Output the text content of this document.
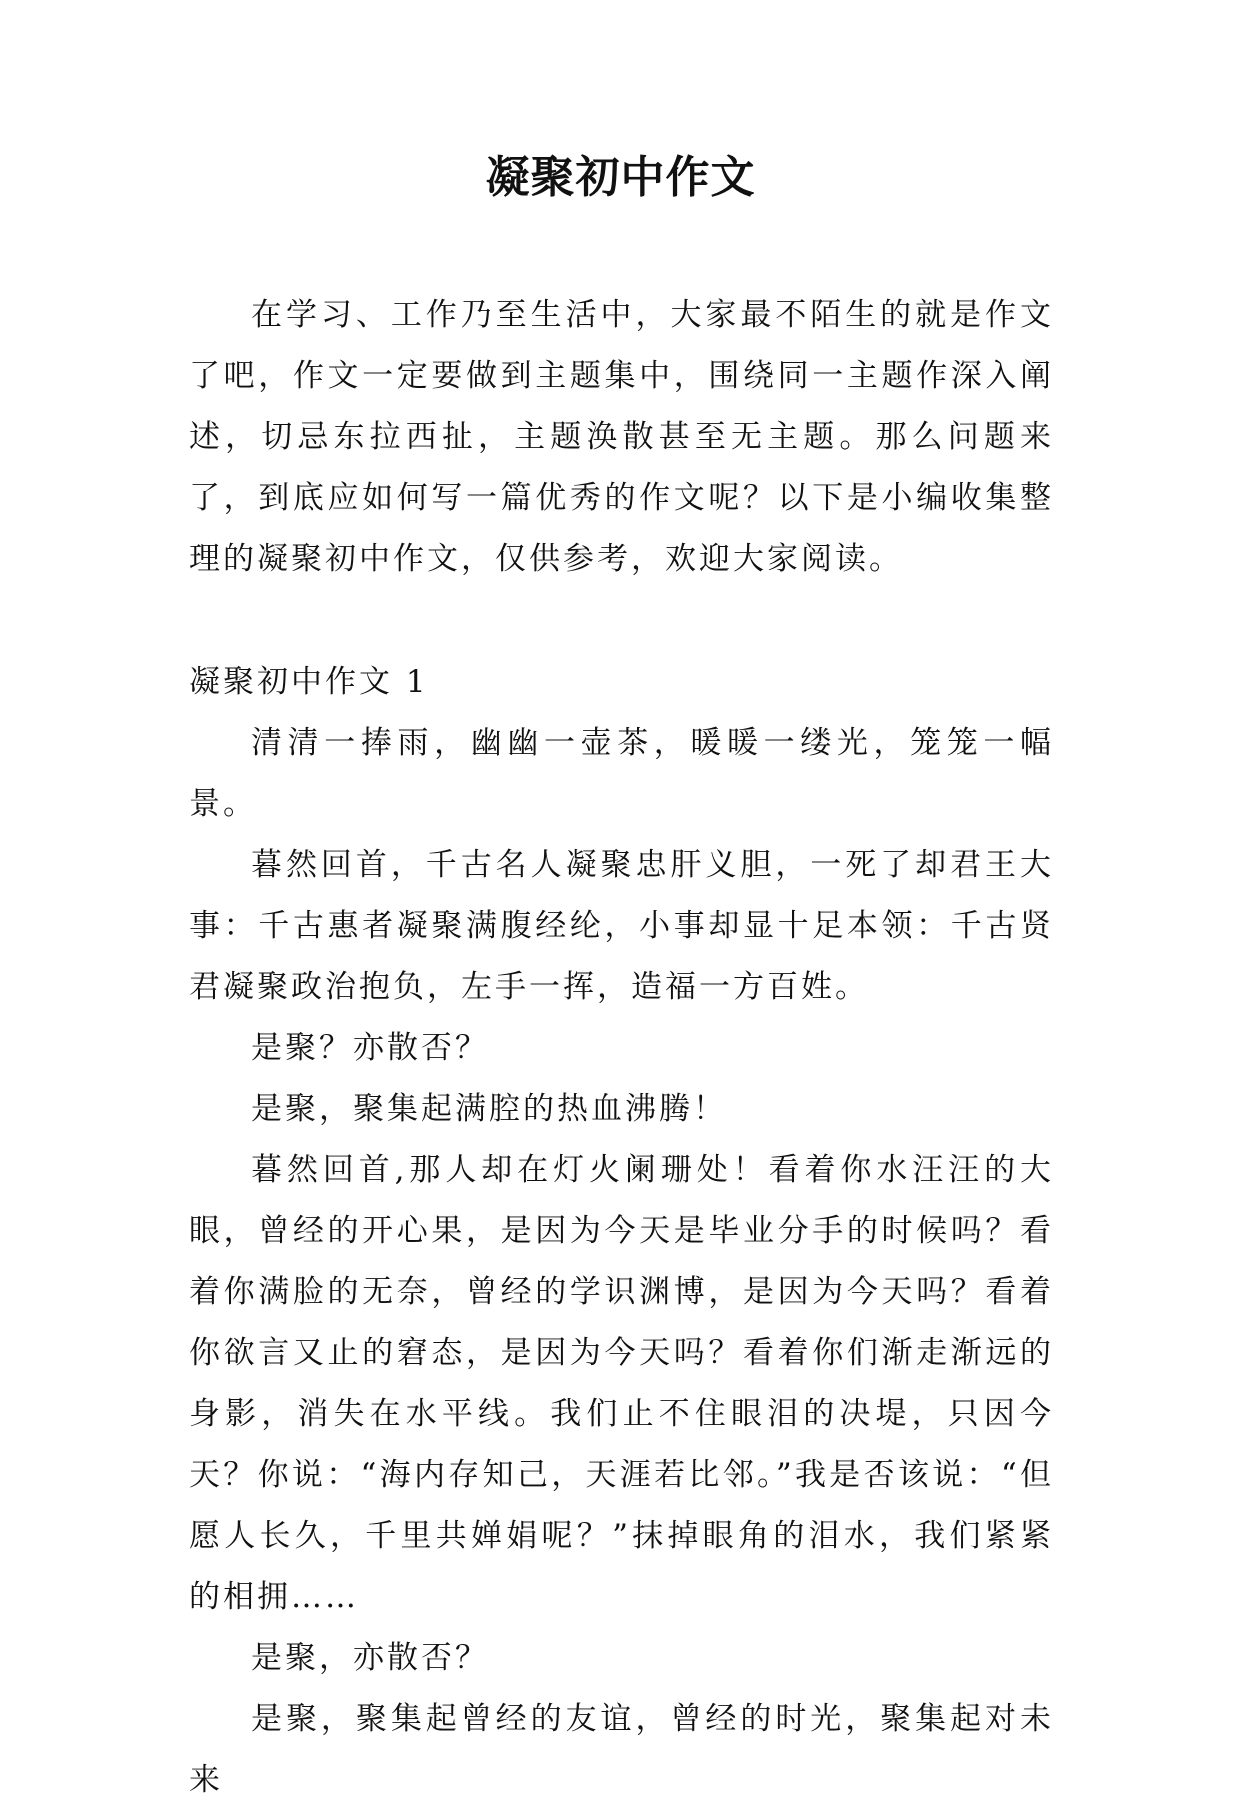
凝聚初中作文

在学习、工作乃至生活中，大家最不陌生的就是作文了吧，作文一定要做到主题集中，围绕同一主题作深入阐述，切忌东拉西扯，主题涣散甚至无主题。那么问题来了，到底应如何写一篇优秀的作文呢？以下是小编收集整理的凝聚初中作文，仅供参考，欢迎大家阅读。

凝聚初中作文 1

清清一捧雨，幽幽一壶茶，暖暖一缕光，笼笼一幅景。

暮然回首，千古名人凝聚忠肝义胆，一死了却君王大事：千古惠者凝聚满腹经纶，小事却显十足本领：千古贤君凝聚政治抱负，左手一挥，造福一方百姓。

是聚？亦散否？

是聚，聚集起满腔的热血沸腾！

暮然回首,那人却在灯火阑珊处！看着你水汪汪的大眼，曾经的开心果，是因为今天是毕业分手的时候吗？看着你满脸的无奈，曾经的学识渊博，是因为今天吗？看着你欲言又止的窘态，是因为今天吗？看着你们渐走渐远的身影，消失在水平线。我们止不住眼泪的决堤，只因今天？你说：“海内存知己，天涯若比邻。”我是否该说：“但愿人长久，千里共婵娟呢？”抹掉眼角的泪水，我们紧紧的相拥……

是聚，亦散否？

是聚，聚集起曾经的友谊，曾经的时光，聚集起对未来
